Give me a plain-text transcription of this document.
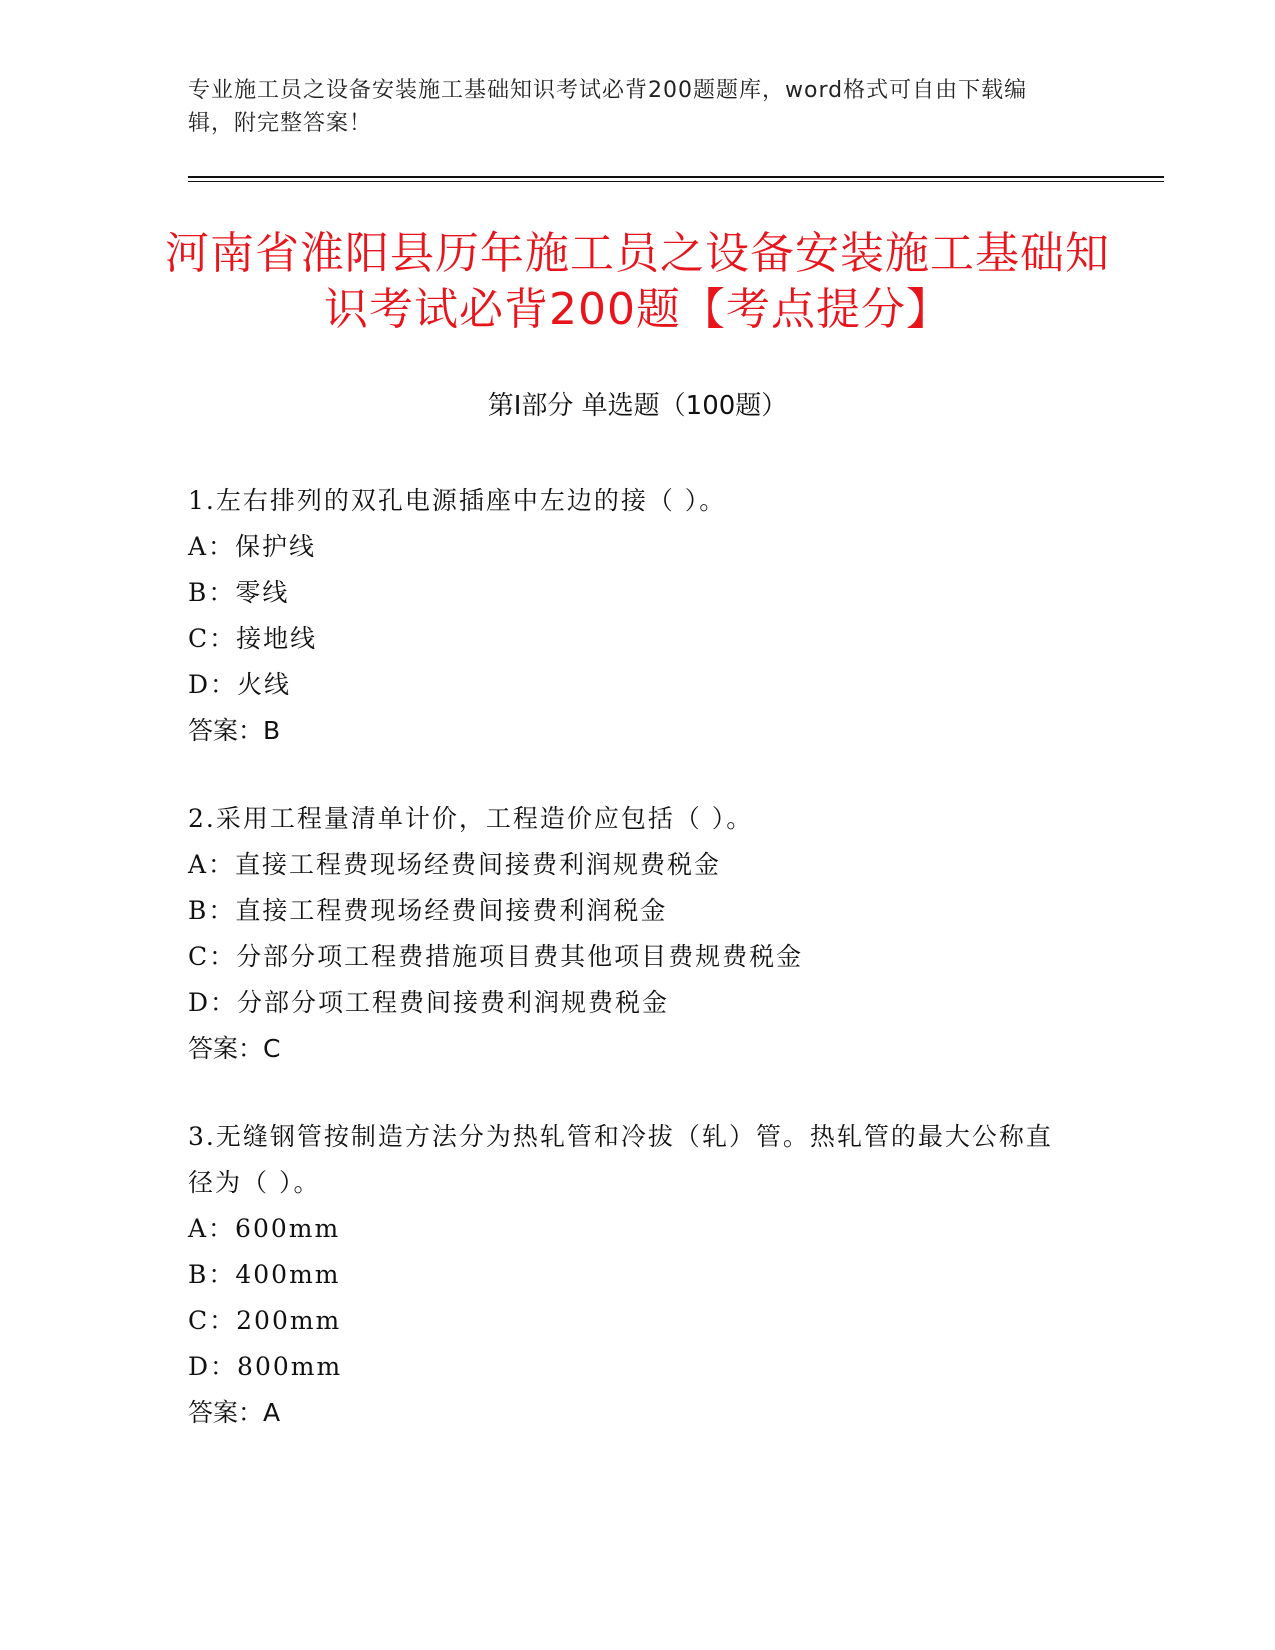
专业施工员之设备安装施工基础知识考试必背200题题库，word格式可自由下载编辑，附完整答案！
河南省淮阳县历年施工员之设备安装施工基础知识考试必背200题【考点提分】
第Ⅰ部分 单选题（100题）
1.左右排列的双孔电源插座中左边的接（ ）。
A：保护线
B：零线
C：接地线
D：火线
答案：B
2.采用工程量清单计价，工程造价应包括（ ）。
A：直接工程费现场经费间接费利润规费税金
B：直接工程费现场经费间接费利润税金
C：分部分项工程费措施项目费其他项目费规费税金
D：分部分项工程费间接费利润规费税金
答案：C
3.无缝钢管按制造方法分为热轧管和冷拔（轧）管。热轧管的最大公称直径为（ ）。
A：600mm
B：400mm
C：200mm
D：800mm
答案：A
